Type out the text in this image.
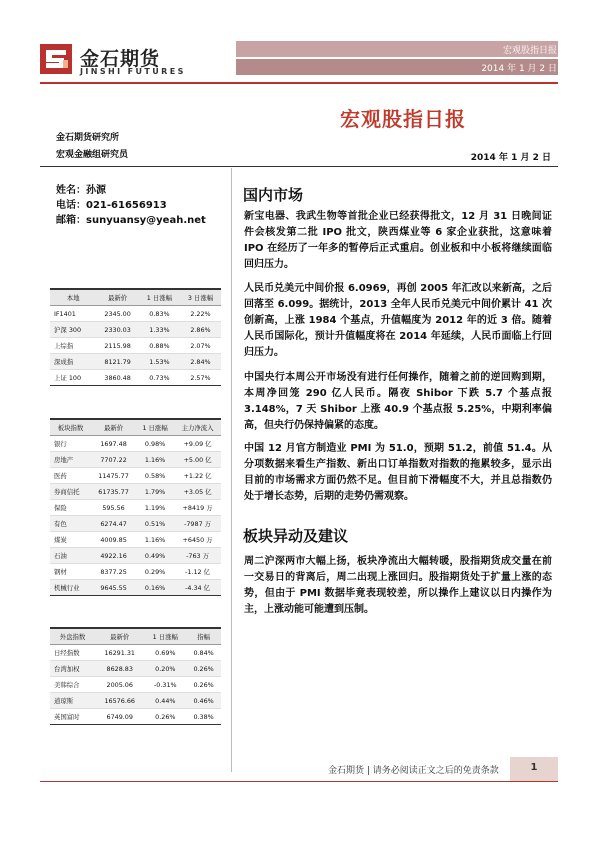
金石期货
JINSHI FUTURES
宏观股指日报
2014 年 1 月 2 日
宏观股指日报
金石期货研究所
宏观金融组研究员	2014 年 1 月 2 日
姓名：孙源
电话：021-61656913
邮箱：sunyuansy@yeah.net
本地	最新价	1 日涨幅	3 日涨幅
IF1401	2345.00	0.83%	2.22%
沪深 300	2330.03	1.33%	2.86%
上综指	2115.98	0.88%	2.07%
深成指	8121.79	1.53%	2.84%
上证 100	3860.48	0.73%	2.57%
板块指数	最新价	1 日涨幅	主力净流入
银行	1697.48	0.98%	+9.09 亿
房地产	7707.22	1.16%	+5.00 亿
医药	11475.77	0.58%	+1.22 亿
券商信托	61735.77	1.79%	+3.05 亿
保险	595.56	1.19%	+8419 万
有色	6274.47	0.51%	-7987 万
煤炭	4009.85	1.16%	+6450 万
石油	4922.16	0.49%	-763 万
钢材	8377.25	0.29%	-1.12 亿
机械行业	9645.55	0.16%	-4.34 亿
外盘指数	最新价	1 日涨幅	指幅
日经指数	16291.31	0.69%	0.84%
台湾加权	8628.83	0.20%	0.26%
美韩综合	2005.06	-0.31%	0.26%
道琼斯	16576.66	0.44%	0.46%
英国富时	6749.09	0.26%	0.38%
国内市场
新宝电器、我武生物等首批企业已经获得批文，12 月 31 日晚间证件会核发第二批 IPO 批文，陕西煤业等 6 家企业获批，这意味着 IPO 在经历了一年多的暂停后正式重启。创业板和中小板将继续面临回归压力。
人民币兑美元中间价报 6.0969，再创 2005 年汇改以来新高，之后回落至 6.099。据统计，2013 全年人民币兑美元中间价累计 41 次创新高，上涨 1984 个基点，升值幅度为 2012 年的近 3 倍。随着人民币国际化，预计升值幅度将在 2014 年延续，人民币面临上行回归压力。
中国央行本周公开市场没有进行任何操作，随着之前的逆回购到期，本周净回笼 290 亿人民币。隔夜 Shibor 下跌 5.7 个基点报 3.148%，7 天 Shibor 上涨 40.9 个基点报 5.25%，中期利率偏高，但央行仍保持偏紧的态度。
中国 12 月官方制造业 PMI 为 51.0，预期 51.2，前值 51.4。从分项数据来看生产指数、新出口订单指数对指数的拖累较多，显示出目前的市场需求方面仍然不足。但目前下滑幅度不大，并且总指数仍处于增长态势，后期的走势仍需观察。
板块异动及建议
周二沪深两市大幅上扬，板块净流出大幅转暖，股指期货成交量在前一交易日的背离后，周二出现上涨回归。股指期货处于扩量上涨的态势，但由于 PMI 数据毕竟表现较差，所以操作上建议以日内操作为主，上涨动能可能遭到压制。
金石期货 | 请务必阅读正文之后的免责条款	1
